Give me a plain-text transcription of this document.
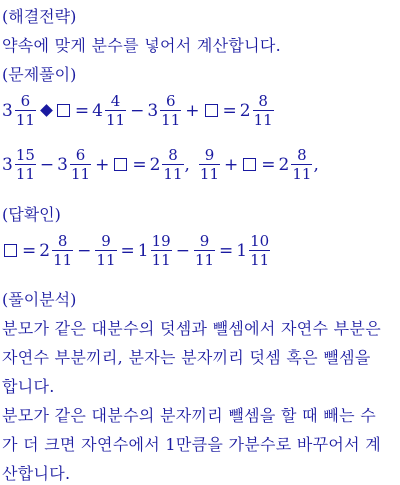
(해결전략)
약속에 맞게 분수를 넣어서 계산합니다.
(문제풀이)
$3 \frac{6}{11} = 4 \frac{4}{11} - 3 \frac{6}{11}$ + = $2 \frac{8}{11}$
$3 \frac{15}{11} - 3 \frac{6}{11}$ + = $2 \frac{8}{11}$ , $\frac{9}{11}$ + = $2 \frac{8}{11}$ ,
(답확인)
= $2 \frac{8}{11} - \frac{9}{11} = 1 \frac{19}{11} - \frac{9}{11} = 1 \frac{10}{11}$
(풀이분석)
분모가 같은 대분수의 덧셈과 뺄셈에서 자연수 부분은
자연수 부분끼리, 분자는 분자끼리 덧셈 혹은 뺄셈을
합니다.
분모가 같은 대분수의 분자끼리 뺄셈을 할 때 빼는 수
가 더 크면 자연수에서 1만큼을 가분수로 바꾸어서 계
산합니다.
